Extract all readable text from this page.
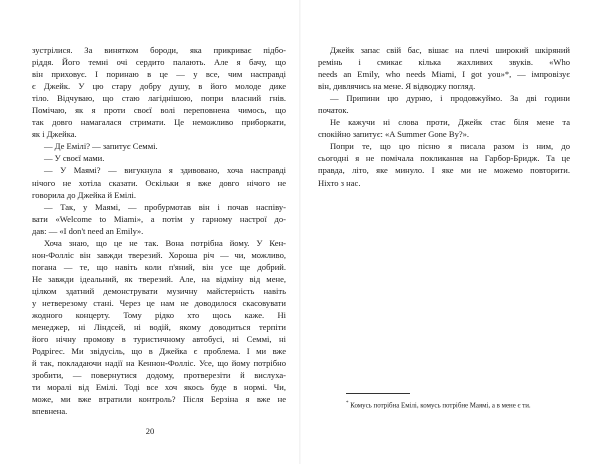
зустрілися. За винятком бороди, яка прикриває підбо-

ріддя. Його темні очі сердито палають. Але я бачу, що

він приховує. І поринаю в це — у все, чим насправді

є Джейк. У цю стару добру душу, в його молоде дике

тіло. Відчуваю, що стаю лагіднішою, попри власний гнів.

Помічаю, як я проти своєї волі переповнена чимось, що

так довго намагалася стримати. Це неможливо приборкати,

як і Джейка.

— Де Емілі? — запитує Семмі.

— У своєї мами.

— У Маямі? — вигукнула я здивовано, хоча насправді

нічого не хотіла сказати. Оскільки я вже довго нічого не

говорила до Джейка й Емілі.

— Так, у Маямі, — пробурмотав він і почав наспіву-

вати «Welcome to Miami», а потім у гарному настрої до-

дав: — «I don't need an Emily».

Хоча знаю, що це не так. Вона потрібна йому. У Кен-

нон-Фолліс він завжди тверезий. Хороша річ — чи, можливо,

погана — те, що навіть коли п'яний, він усе ще добрий.

Не завжди ідеальний, як тверезий. Але, на відміну від мене,

цілком здатний демонструвати музичну майстерність навіть

у нетверезому стані. Через це нам не доводилося скасовувати

жодного концерту. Тому рідко хто щось каже. Ні

менеджер, ні Ліндсей, ні водій, якому доводиться терпіти

його нічну промову в туристичному автобусі, ні Семмі, ні

Родрігес. Ми звідусіль, що в Джейка є проблема. І ми вже

й так, покладаючи надії на Кеннон-Фолліс. Усе, що йому потрібно

зробити, — повернутися додому, протверезіти й вислуха-

ти моралі від Емілі. Тоді все хоч якось буде в нормі. Чи,

може, ми вже втратили контроль? Після Берзіна я вже не

впевнена.

Джейк запас свій бас, вішає на плечі широкий шкіряний

ремінь і смикає кілька жахливих звуків. «Who

needs an Emily, who needs Miami, I got you»*, — імпровізує

він, дивлячись на мене. Я відводжу погляд.

— Припини цю дурню, і продовжуймо. За дві години

початок.

Не кажучи ні слова проти, Джейк стає біля мене та

спокійно запитує: «A Summer Gone By?».

Попри те, що цю пісню я писала разом із ним, до

сьогодні я не помічала покликання на Гарбор-Бридж. Та це

правда, літо, яке минуло. І яке ми не можемо повторити.

Ніхто з нас.

20
* Комусь потрібна Емілі, комусь потрібне Маямі, а в мене є ти.
